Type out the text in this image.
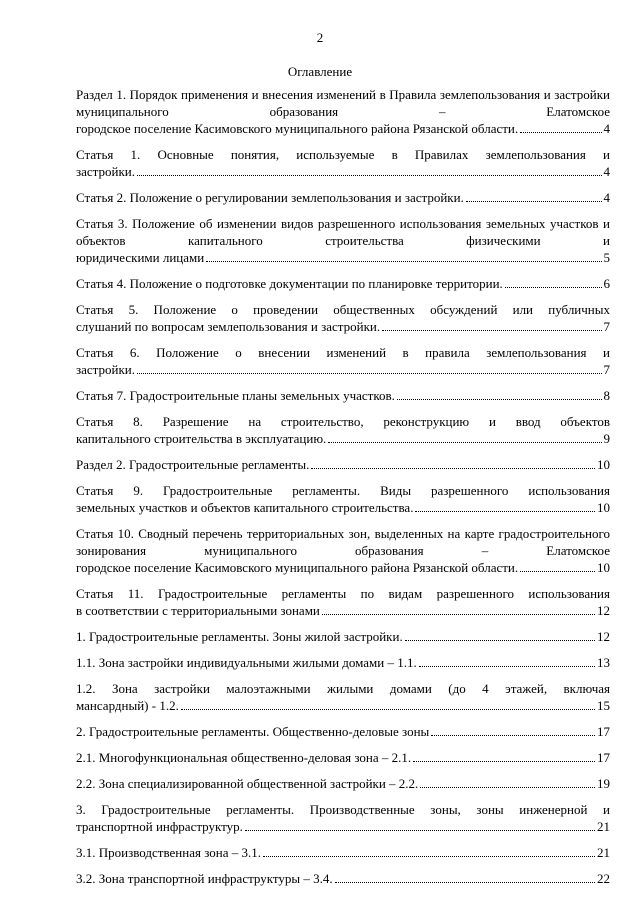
2
Оглавление
Раздел 1. Порядок применения и внесения изменений в Правила землепользования и застройки муниципального образования – Елатомское
городское поселение Касимовского муниципального района Рязанской области.	4
Статья 1. Основные понятия, используемые в Правилах землепользования и
застройки.	4
Статья 2. Положение о регулировании землепользования и застройки.	4
Статья 3. Положение об изменении видов разрешенного использования земельных участков и объектов капитального строительства физическими и
юридическими лицами	5
Статья 4. Положение о подготовке документации по планировке территории.	6
Статья 5. Положение о проведении общественных обсуждений или публичных
слушаний по вопросам землепользования и застройки.	7
Статья 6. Положение о внесении изменений в правила землепользования и
застройки.	7
Статья 7. Градостроительные планы земельных участков.	8
Статья 8. Разрешение на строительство, реконструкцию и ввод объектов
капитального строительства в эксплуатацию.	9
Раздел 2. Градостроительные регламенты.	10
Статья 9. Градостроительные регламенты. Виды разрешенного использования
земельных участков и объектов капитального строительства.	10
Статья 10. Сводный перечень территориальных зон, выделенных на карте градостроительного зонирования муниципального образования – Елатомское
городское поселение Касимовского муниципального района Рязанской области.	10
Статья 11. Градостроительные регламенты по видам разрешенного использования
в соответствии с территориальными зонами	12
1. Градостроительные регламенты. Зоны жилой застройки.	12
1.1. Зона застройки индивидуальными жилыми домами – 1.1.	13
1.2. Зона застройки малоэтажными жилыми домами (до 4 этажей, включая
мансардный) - 1.2.	15
2. Градостроительные регламенты. Общественно-деловые зоны	17
2.1. Многофункциональная общественно-деловая зона – 2.1.	17
2.2. Зона специализированной общественной застройки – 2.2.	19
3. Градостроительные регламенты. Производственные зоны, зоны инженерной и
транспортной инфраструктур.	21
3.1. Производственная зона – 3.1.	21
3.2. Зона транспортной инфраструктуры – 3.4.	22
